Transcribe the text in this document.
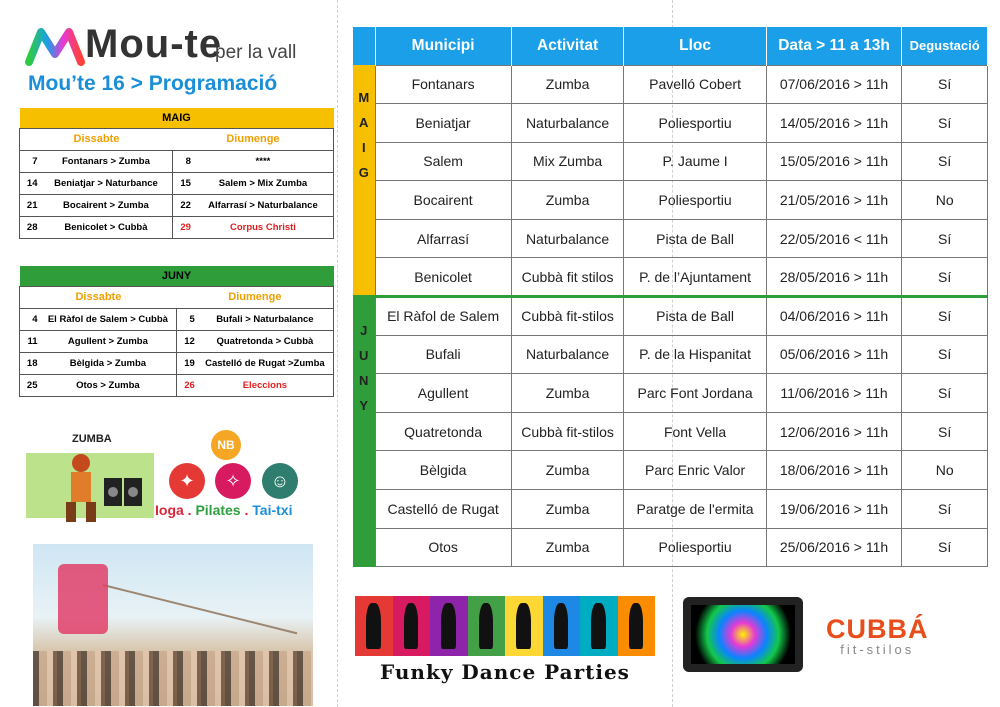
Mou-te
per la vall
Mou’te 16 > Programació
MAIG			
Dissabte		Diumenge	
7	Fontanars > Zumba	8	****
14	Beniatjar > Naturbance	15	Salem > Mix Zumba
21	Bocairent > Zumba	22	Alfarrasí > Naturbalance
28	Benicolet > Cubbà	29	Corpus Christi
JUNY			
Dissabte		Diumenge	
4	El Ràfol de Salem > Cubbà	5	Bufali > Naturbalance
11	Agullent > Zumba	12	Quatretonda > Cubbà
18	Bèlgida > Zumba	19	Castelló de Rugat >Zumba
25	Otos > Zumba	26	Eleccions
ZUMBA	NB
✦	✧	☺
Ioga . Pilates . Tai-txi
	Municipi	Activitat	Lloc	Data > 11 a 13h	Degustació

M
A
I
G	Fontanars	Zumba	Pavelló Cobert	07/06/2016 > 11h	Sí
	Beniatjar	Naturbalance	Poliesportiu	14/05/2016 > 11h	Sí
	Salem	Mix Zumba	P. Jaume I	15/05/2016 > 11h	Sí
	Bocairent	Zumba	Poliesportiu	21/05/2016 > 11h	No
	Alfarrasí	Naturbalance	Pista de Ball	22/05/2016 < 11h	Sí
	Benicolet	Cubbà fit stilos	P. de l’Ajuntament	28/05/2016 > 11h	Sí

J
U
N
Y	El Ràfol de Salem	Cubbà fit-stilos	Pista de Ball	04/06/2016 > 11h	Sí
	Bufali	Naturbalance	P. de la Hispanitat	05/06/2016 > 11h	Sí
	Agullent	Zumba	Parc Font Jordana	11/06/2016 > 11h	Sí
	Quatretonda	Cubbà fit-stilos	Font Vella	12/06/2016 > 11h	Sí
	Bèlgida	Zumba	Parc Enric Valor	18/06/2016 > 11h	No
	Castelló de Rugat	Zumba	Paratge de l'ermita	19/06/2016 > 11h	Sí
	Otos	Zumba	Poliesportiu	25/06/2016 > 11h	Sí
Funky Dance Parties
CUBBÁ
fit-stilos
